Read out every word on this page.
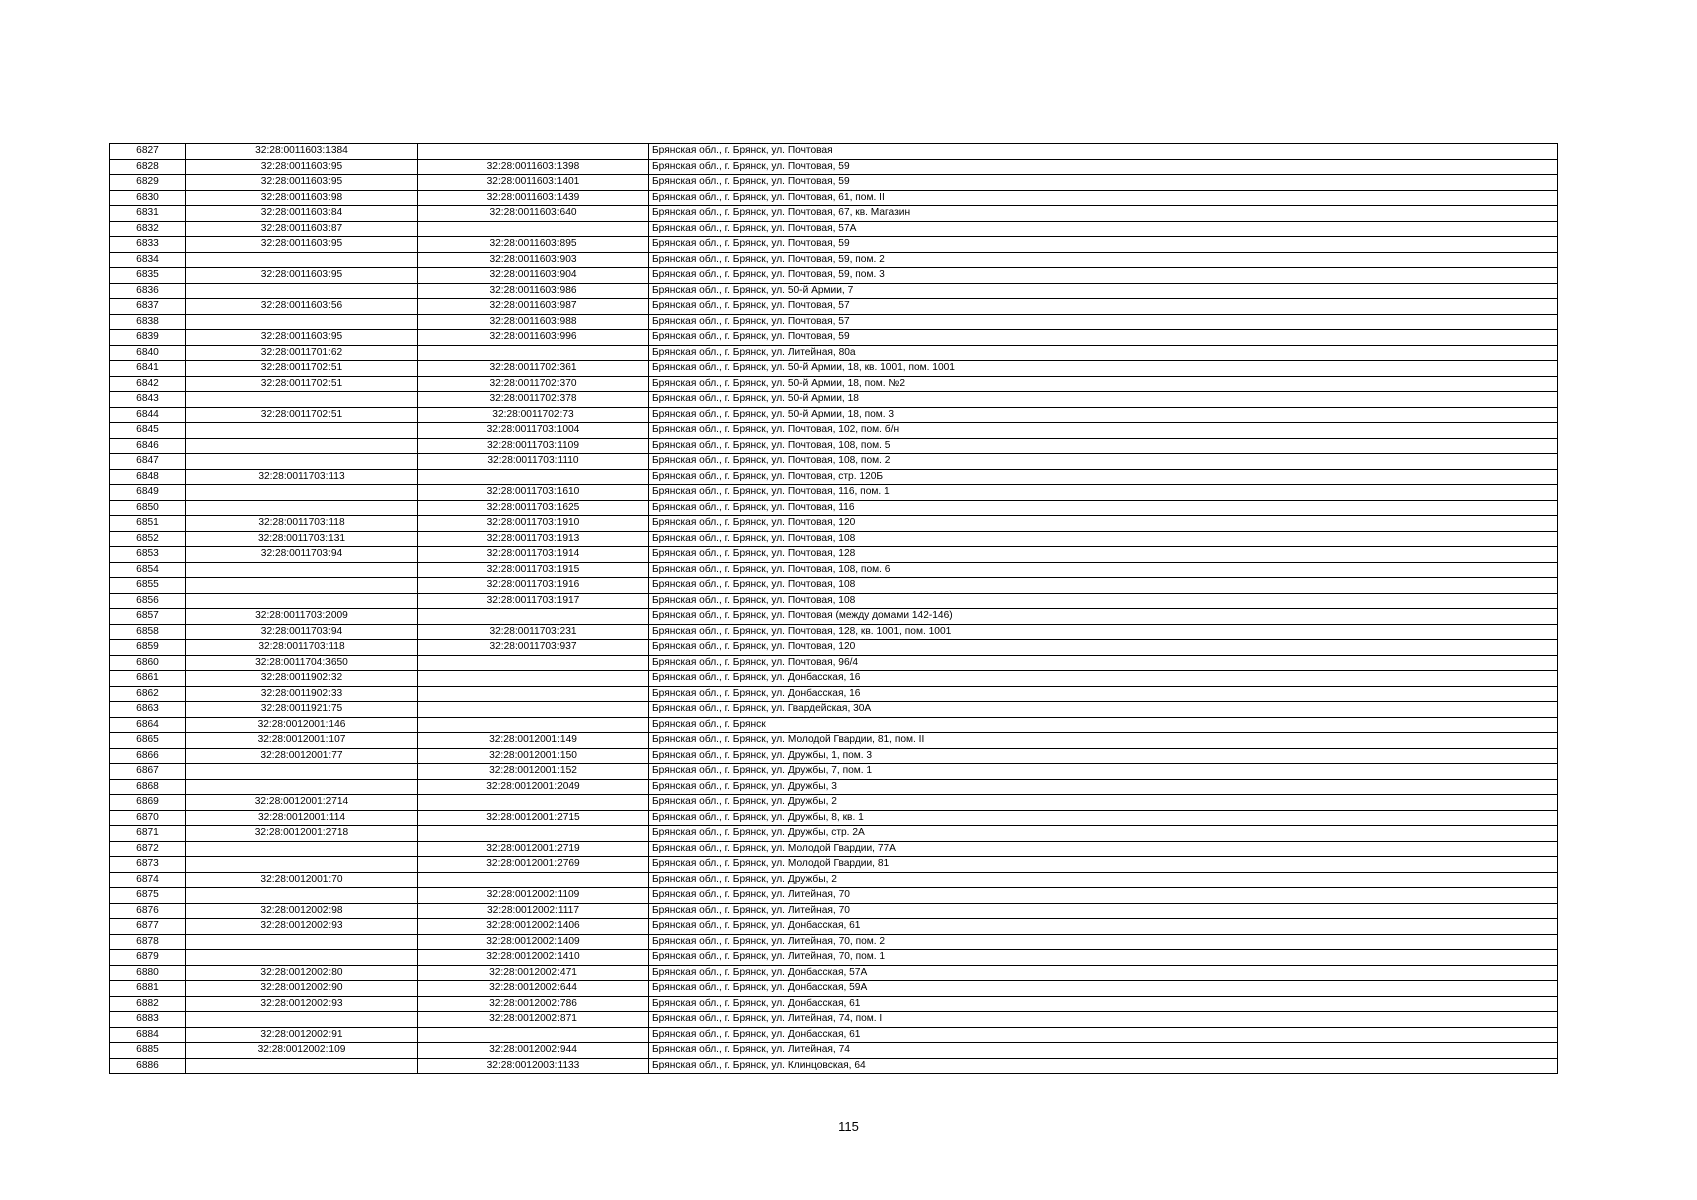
6827	32:28:0011603:1384		Брянская обл., г. Брянск, ул. Почтовая
6828	32:28:0011603:95	32:28:0011603:1398	Брянская обл., г. Брянск, ул. Почтовая, 59
6829	32:28:0011603:95	32:28:0011603:1401	Брянская обл., г. Брянск, ул. Почтовая, 59
6830	32:28:0011603:98	32:28:0011603:1439	Брянская обл., г. Брянск, ул. Почтовая, 61, пом. II
6831	32:28:0011603:84	32:28:0011603:640	Брянская обл., г. Брянск, ул. Почтовая, 67, кв. Магазин
6832	32:28:0011603:87		Брянская обл., г. Брянск, ул. Почтовая, 57А
6833	32:28:0011603:95	32:28:0011603:895	Брянская обл., г. Брянск, ул. Почтовая, 59
6834		32:28:0011603:903	Брянская обл., г. Брянск, ул. Почтовая, 59, пом. 2
6835	32:28:0011603:95	32:28:0011603:904	Брянская обл., г. Брянск, ул. Почтовая, 59, пом. 3
6836		32:28:0011603:986	Брянская обл., г. Брянск, ул. 50-й Армии, 7
6837	32:28:0011603:56	32:28:0011603:987	Брянская обл., г. Брянск, ул. Почтовая, 57
6838		32:28:0011603:988	Брянская обл., г. Брянск, ул. Почтовая, 57
6839	32:28:0011603:95	32:28:0011603:996	Брянская обл., г. Брянск, ул. Почтовая, 59
6840	32:28:0011701:62		Брянская обл., г. Брянск, ул. Литейная, 80а
6841	32:28:0011702:51	32:28:0011702:361	Брянская обл., г. Брянск, ул. 50-й Армии, 18, кв. 1001, пом. 1001
6842	32:28:0011702:51	32:28:0011702:370	Брянская обл., г. Брянск, ул. 50-й Армии, 18, пом. №2
6843		32:28:0011702:378	Брянская обл., г. Брянск, ул. 50-й Армии, 18
6844	32:28:0011702:51	32:28:0011702:73	Брянская обл., г. Брянск, ул. 50-й Армии, 18, пом. 3
6845		32:28:0011703:1004	Брянская обл., г. Брянск, ул. Почтовая, 102, пом. б/н
6846		32:28:0011703:1109	Брянская обл., г. Брянск, ул. Почтовая, 108, пом. 5
6847		32:28:0011703:1110	Брянская обл., г. Брянск, ул. Почтовая, 108, пом. 2
6848	32:28:0011703:113		Брянская обл., г. Брянск, ул. Почтовая, стр. 120Б
6849		32:28:0011703:1610	Брянская обл., г. Брянск, ул. Почтовая, 116, пом. 1
6850		32:28:0011703:1625	Брянская обл., г. Брянск, ул. Почтовая, 116
6851	32:28:0011703:118	32:28:0011703:1910	Брянская обл., г. Брянск, ул. Почтовая, 120
6852	32:28:0011703:131	32:28:0011703:1913	Брянская обл., г. Брянск, ул. Почтовая, 108
6853	32:28:0011703:94	32:28:0011703:1914	Брянская обл., г. Брянск, ул. Почтовая, 128
6854		32:28:0011703:1915	Брянская обл., г. Брянск, ул. Почтовая, 108, пом. 6
6855		32:28:0011703:1916	Брянская обл., г. Брянск, ул. Почтовая, 108
6856		32:28:0011703:1917	Брянская обл., г. Брянск, ул. Почтовая, 108
6857	32:28:0011703:2009		Брянская обл., г. Брянск, ул. Почтовая (между домами 142-146)
6858	32:28:0011703:94	32:28:0011703:231	Брянская обл., г. Брянск, ул. Почтовая, 128, кв. 1001, пом. 1001
6859	32:28:0011703:118	32:28:0011703:937	Брянская обл., г. Брянск, ул. Почтовая, 120
6860	32:28:0011704:3650		Брянская обл., г. Брянск, ул. Почтовая, 96/4
6861	32:28:0011902:32		Брянская обл., г. Брянск, ул. Донбасская, 16
6862	32:28:0011902:33		Брянская обл., г. Брянск, ул. Донбасская, 16
6863	32:28:0011921:75		Брянская обл., г. Брянск, ул. Гвардейская, 30А
6864	32:28:0012001:146		Брянская обл., г. Брянск
6865	32:28:0012001:107	32:28:0012001:149	Брянская обл., г. Брянск, ул. Молодой Гвардии, 81, пом. II
6866	32:28:0012001:77	32:28:0012001:150	Брянская обл., г. Брянск, ул. Дружбы, 1, пом. 3
6867		32:28:0012001:152	Брянская обл., г. Брянск, ул. Дружбы, 7, пом. 1
6868		32:28:0012001:2049	Брянская обл., г. Брянск, ул. Дружбы, 3
6869	32:28:0012001:2714		Брянская обл., г. Брянск, ул. Дружбы, 2
6870	32:28:0012001:114	32:28:0012001:2715	Брянская обл., г. Брянск, ул. Дружбы, 8, кв. 1
6871	32:28:0012001:2718		Брянская обл., г. Брянск, ул. Дружбы, стр. 2А
6872		32:28:0012001:2719	Брянская обл., г. Брянск, ул. Молодой Гвардии, 77А
6873		32:28:0012001:2769	Брянская обл., г. Брянск, ул. Молодой Гвардии, 81
6874	32:28:0012001:70		Брянская обл., г. Брянск, ул. Дружбы, 2
6875		32:28:0012002:1109	Брянская обл., г. Брянск, ул. Литейная, 70
6876	32:28:0012002:98	32:28:0012002:1117	Брянская обл., г. Брянск, ул. Литейная, 70
6877	32:28:0012002:93	32:28:0012002:1406	Брянская обл., г. Брянск, ул. Донбасская, 61
6878		32:28:0012002:1409	Брянская обл., г. Брянск, ул. Литейная, 70, пом. 2
6879		32:28:0012002:1410	Брянская обл., г. Брянск, ул. Литейная, 70, пом. 1
6880	32:28:0012002:80	32:28:0012002:471	Брянская обл., г. Брянск, ул. Донбасская, 57А
6881	32:28:0012002:90	32:28:0012002:644	Брянская обл., г. Брянск, ул. Донбасская, 59А
6882	32:28:0012002:93	32:28:0012002:786	Брянская обл., г. Брянск, ул. Донбасская, 61
6883		32:28:0012002:871	Брянская обл., г. Брянск, ул. Литейная, 74, пом. I
6884	32:28:0012002:91		Брянская обл., г. Брянск, ул. Донбасская, 61
6885	32:28:0012002:109	32:28:0012002:944	Брянская обл., г. Брянск, ул. Литейная, 74
6886		32:28:0012003:1133	Брянская обл., г. Брянск, ул. Клинцовская, 64
115
